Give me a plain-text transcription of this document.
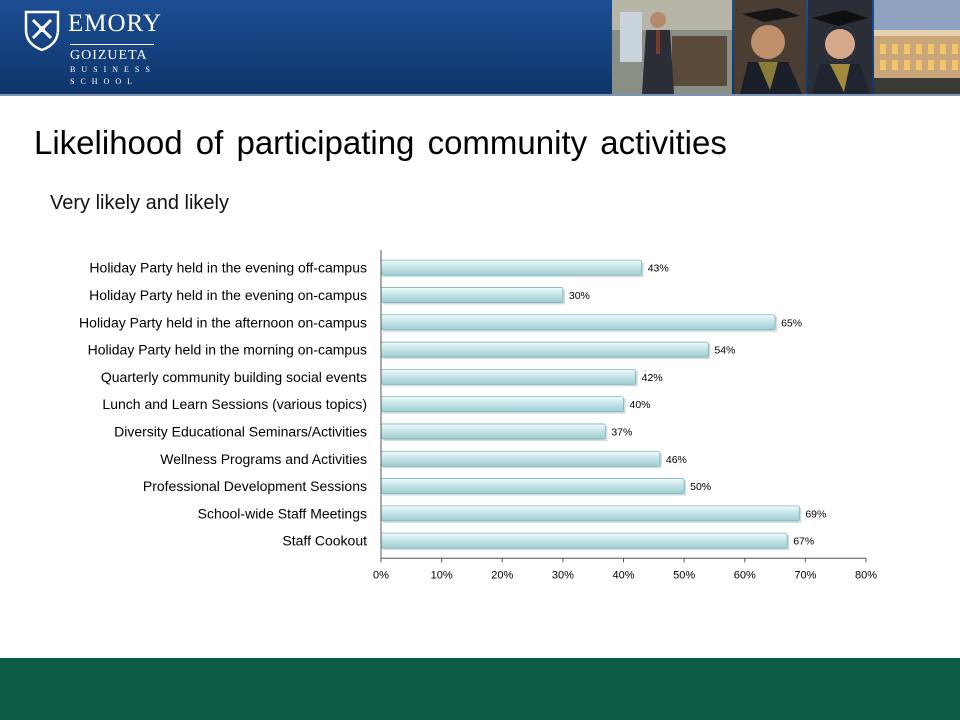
EMORY
GOIZUETA
BUSINESS
SCHOOL
Likelihood of participating community activities
Very likely and likely
Holiday Party held in the evening off-campus
Holiday Party held in the evening on-campus
Holiday Party held in the afternoon on-campus
Holiday Party held in the morning on-campus
Quarterly community building social events
Lunch and Learn Sessions (various topics)
Diversity Educational Seminars/Activities
Wellness Programs and Activities
Professional Development Sessions
School-wide Staff Meetings
Staff Cookout
43%
30%
65%
54%
42%
40%
37%
46%
50%
69%
67%
0%	10%	20%	30%	40%	50%	60%	70%	80%
